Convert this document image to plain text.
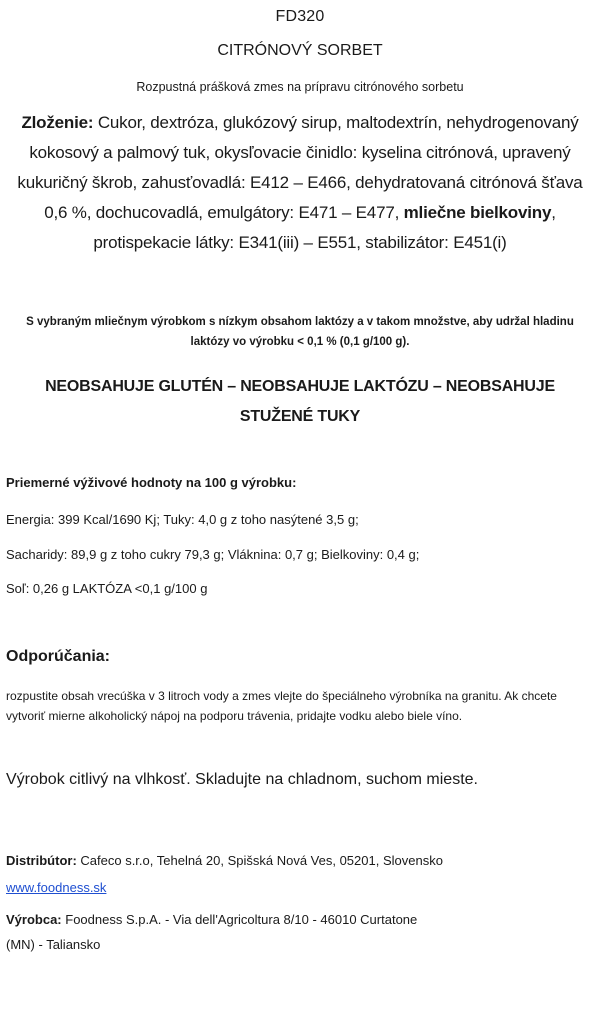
FD320
CITRÓNOVÝ SORBET
Rozpustná prášková zmes na prípravu citrónového sorbetu
Zloženie: Cukor, dextróza, glukózový sirup, maltodextrín, nehydrogenovaný kokosový a palmový tuk, okysľovacie činidlo: kyselina citrónová, upravený kukuričný škrob, zahusťovadlá: E412 – E466, dehydratovaná citrónová šťava 0,6 %, dochucovadlá, emulgátory: E471 – E477, mliečne bielkoviny, protispekacie látky: E341(iii) – E551, stabilizátor: E451(i)
S vybraným mliečnym výrobkom s nízkym obsahom laktózy a v takom množstve, aby udržal hladinu laktózy vo výrobku < 0,1 % (0,1 g/100 g).
NEOBSAHUJE GLUTÉN – NEOBSAHUJE LAKTÓZU – NEOBSAHUJE STUŽENÉ TUKY
Priemerné výživové hodnoty na 100 g výrobku:
Energia: 399 Kcal/1690 Kj; Tuky: 4,0 g z toho nasýtené 3,5 g;
Sacharidy: 89,9 g z toho cukry 79,3 g; Vláknina: 0,7 g; Bielkoviny: 0,4 g;
Soľ: 0,26 g LAKTÓZA <0,1 g/100 g
Odporúčania:
rozpustite obsah vrecúška v 3 litroch vody a zmes vlejte do špeciálneho výrobníka na granitu. Ak chcete vytvoriť mierne alkoholický nápoj na podporu trávenia, pridajte vodku alebo biele víno.
Výrobok citlivý na vlhkosť. Skladujte na chladnom, suchom mieste.
Distribútor: Cafeco s.r.o, Tehelná 20, Spišská Nová Ves, 05201, Slovensko
www.foodness.sk
Výrobca: Foodness S.p.A. - Via dell'Agricoltura 8/10 - 46010 Curtatone (MN) - Taliansko
